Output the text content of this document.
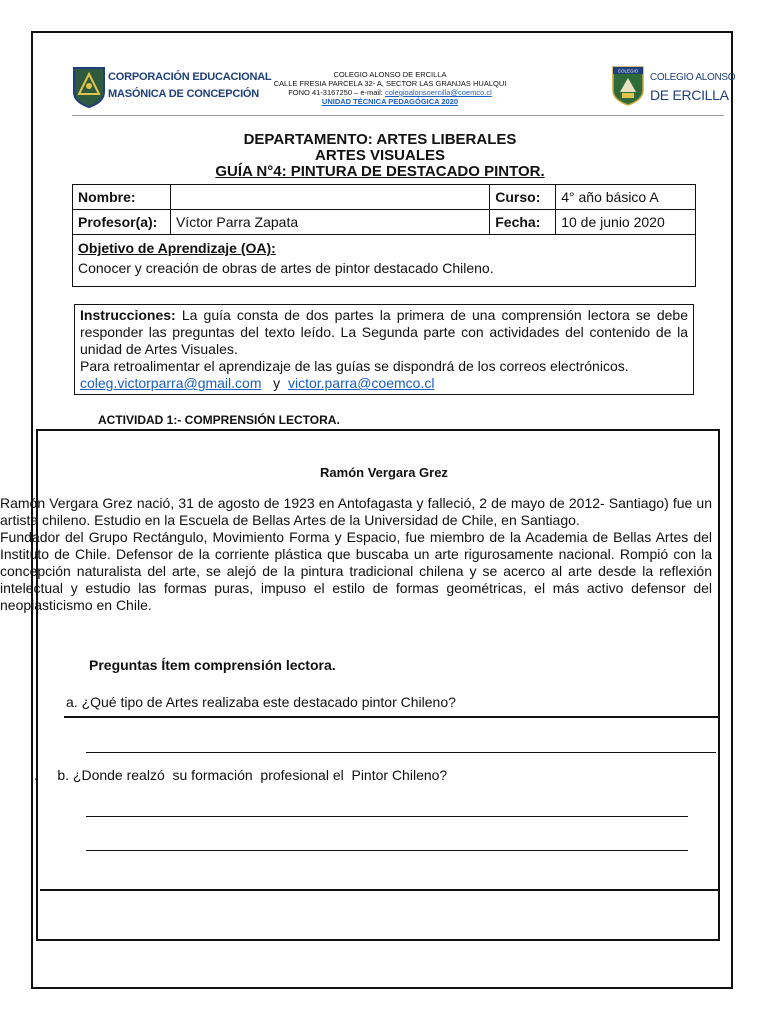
CORPORACIÓN EDUCACIONAL
MASÓNICA DE CONCEPCIÓN
COLEGIO ALONSO DE ERCILLA
CALLE FRESIA PARCELA 32- A, SECTOR LAS GRANJAS HUALQUI
FONO 41-3167250 – e-mail: colegioalonsoercilla@coemco.cl
UNIDAD TÉCNICA PEDAGÓGICA 2020
COLEGIO
COLEGIO ALONSO
DE ERCILLA
DEPARTAMENTO: ARTES LIBERALES
ARTES VISUALES
GUÍA N°4: PINTURA DE DESTACADO PINTOR.
Nombre:		Curso:	4° año básico A
Profesor(a):	Víctor Parra Zapata	Fecha:	10 de junio 2020
Objetivo de Aprendizaje (OA):
Conocer y creación de obras de artes de pintor destacado Chileno.
Instrucciones: La guía consta de dos partes la primera de una comprensión lectora se debe responder las preguntas del texto leído. La Segunda parte con actividades del contenido de la unidad de Artes Visuales.
Para retroalimentar el aprendizaje de las guías se dispondrá de los correos electrónicos.
coleg.victorparra@gmail.com   y  victor.parra@coemco.cl
ACTIVIDAD 1:- COMPRENSIÓN LECTORA.
Ramón Vergara Grez

Ramón Vergara Grez nació, 31 de agosto de 1923 en Antofagasta y falleció, 2 de mayo de 2012- Santiago) fue un artista chileno. Estudio en la Escuela de Bellas Artes de la Universidad de Chile, en Santiago.

Fundador del Grupo Rectángulo, Movimiento Forma y Espacio, fue miembro de la Academia de Bellas Artes del Instituto de Chile. Defensor de la corriente plástica que buscaba un arte rigurosamente nacional. Rompió con la concepción naturalista del arte, se alejó de la pintura tradicional chilena y se acerco al arte desde la reflexión intelectual y estudio las formas puras, impuso el estilo de formas geométricas, el más activo defensor del neoplasticismo en Chile.

Preguntas Ítem comprensión lectora.
a. ¿Qué tipo de Artes realizaba este destacado pintor Chileno?
.     b. ¿Donde realzó  su formación  profesional el  Pintor Chileno?
